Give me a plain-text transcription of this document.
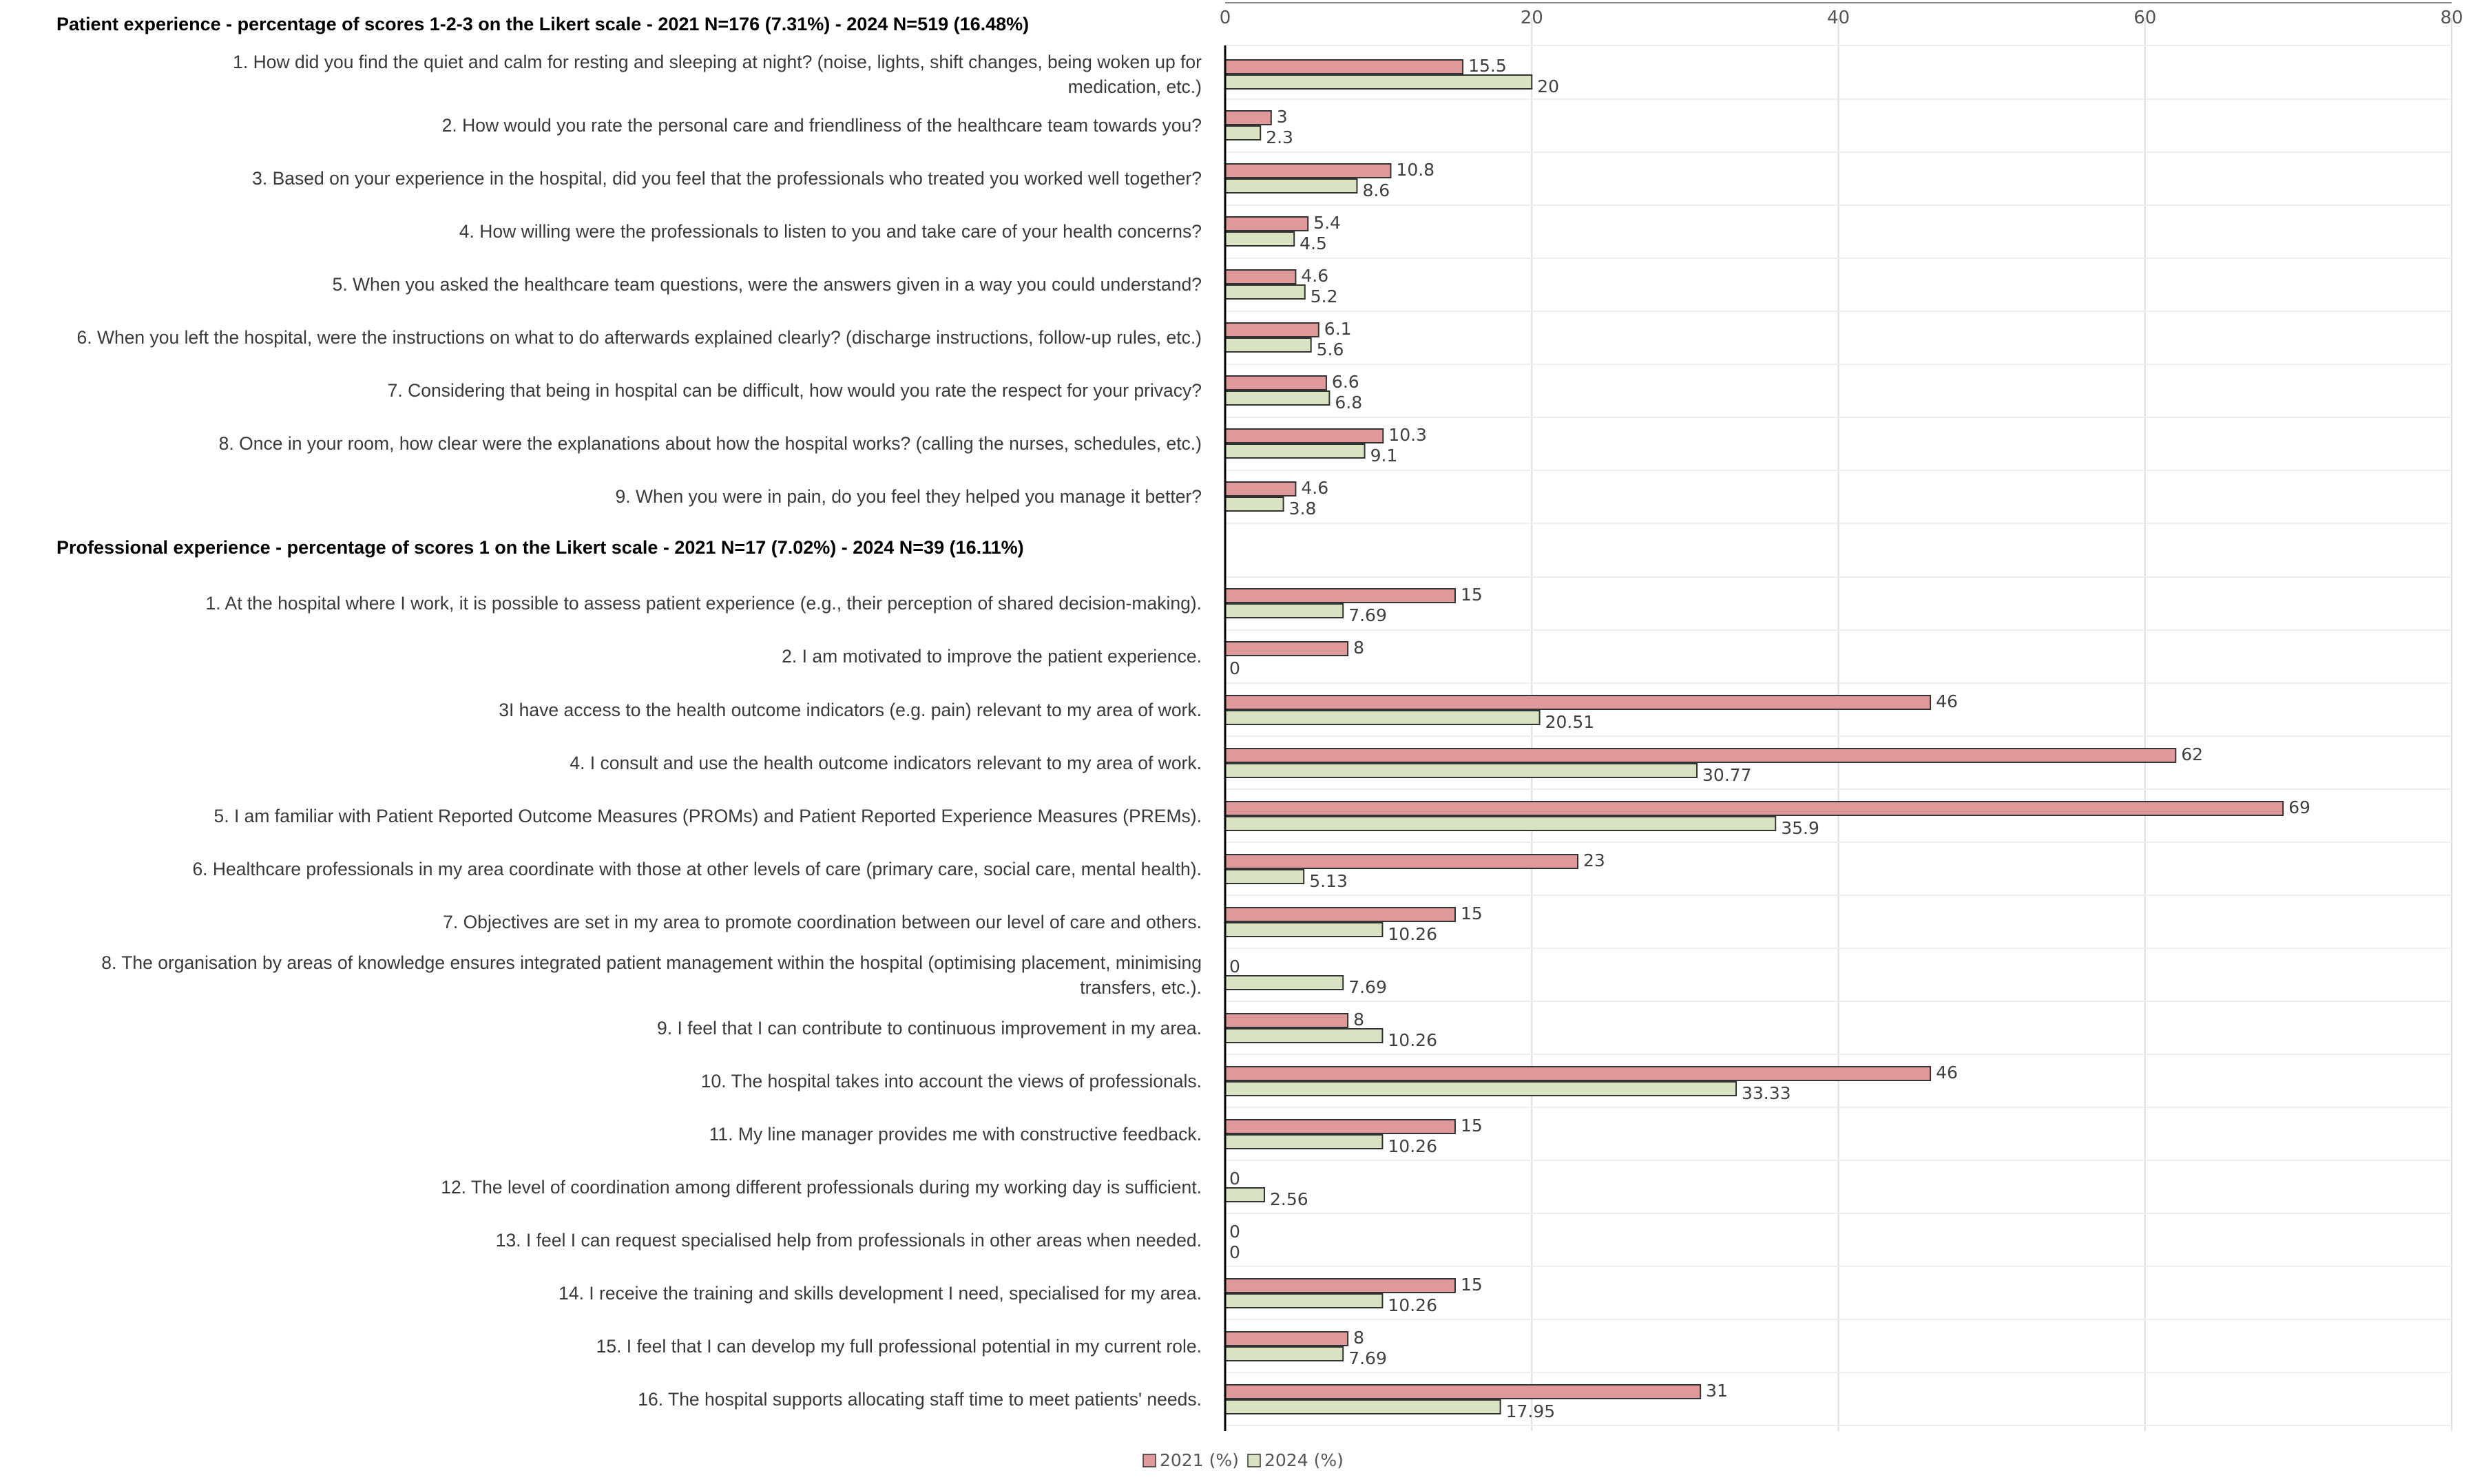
0	20	40	60	80
Patient experience - percentage of scores 1-2-3 on the Likert scale - 2021 N=176 (7.31%) - 2024 N=519 (16.48%)
1. How did you find the quiet and calm for resting and sleeping at night? (noise, lights, shift changes, being woken up for
medication, etc.)
15.5
20
2. How would you rate the personal care and friendliness of the healthcare team towards you?	3
2.3
3. Based on your experience in the hospital, did you feel that the professionals who treated you worked well together?	10.8
8.6
4. How willing were the professionals to listen to you and take care of your health concerns?	5.4
4.5
5. When you asked the healthcare team questions, were the answers given in a way you could understand?	4.6
5.2
6. When you left the hospital, were the instructions on what to do afterwards explained clearly? (discharge instructions, follow-up rules, etc.)	6.1
5.6
7. Considering that being in hospital can be difficult, how would you rate the respect for your privacy?	6.6
6.8
8. Once in your room, how clear were the explanations about how the hospital works? (calling the nurses, schedules, etc.)	10.3
9.1
9. When you were in pain, do you feel they helped you manage it better?	4.6
3.8
Professional experience - percentage of scores 1 on the Likert scale - 2021 N=17 (7.02%) - 2024 N=39 (16.11%)
1. At the hospital where I work, it is possible to assess patient experience (e.g., their perception of shared decision-making).	15
7.69
2. I am motivated to improve the patient experience.	8
0
3I have access to the health outcome indicators (e.g. pain) relevant to my area of work.	46
20.51
4. I consult and use the health outcome indicators relevant to my area of work.	62
30.77
5. I am familiar with Patient Reported Outcome Measures (PROMs) and Patient Reported Experience Measures (PREMs).	69
35.9
6. Healthcare professionals in my area coordinate with those at other levels of care (primary care, social care, mental health).	23
5.13
7. Objectives are set in my area to promote coordination between our level of care and others.	15
10.26
8. The organisation by areas of knowledge ensures integrated patient management within the hospital (optimising placement, minimising
transfers, etc.).
0
7.69
9. I feel that I can contribute to continuous improvement in my area.	8
10.26
10. The hospital takes into account the views of professionals.	46
33.33
11. My line manager provides me with constructive feedback.	15
10.26
12. The level of coordination among different professionals during my working day is sufficient. 0
2.56
13. I feel I can request specialised help from professionals in other areas when needed. 0
0
14. I receive the training and skills development I need, specialised for my area.	15
10.26
15. I feel that I can develop my full professional potential in my current role.	8
7.69
16. The hospital supports allocating staff time to meet patients' needs.	31
17.95
2021 (%) 2024 (%)
